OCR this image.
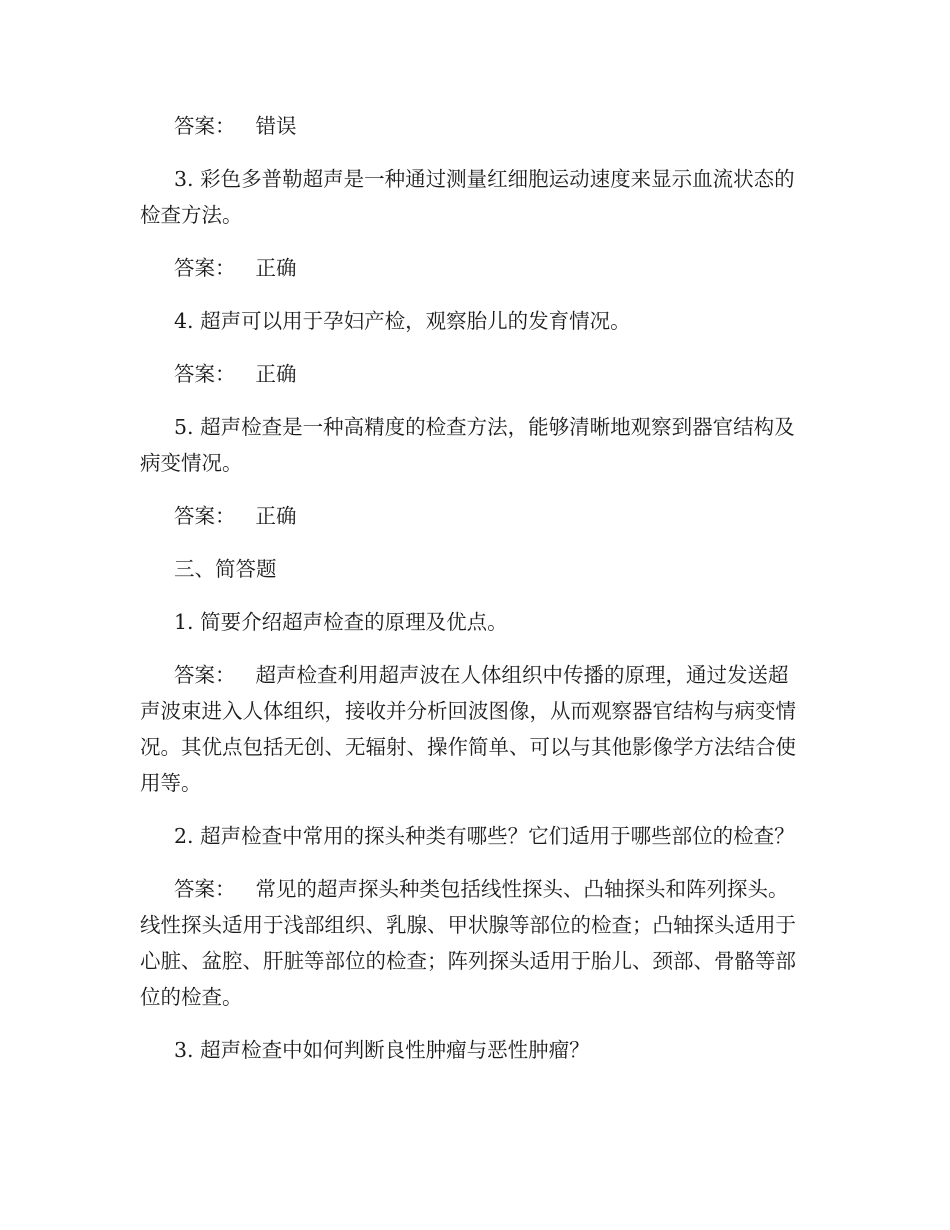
答案： 错误

3. 彩色多普勒超声是一种通过测量红细胞运动速度来显示血流状态的检查方法。

答案： 正确

4. 超声可以用于孕妇产检，观察胎儿的发育情况。

答案： 正确

5. 超声检查是一种高精度的检查方法，能够清晰地观察到器官结构及病变情况。

答案： 正确

三、简答题

1. 简要介绍超声检查的原理及优点。

答案： 超声检查利用超声波在人体组织中传播的原理，通过发送超声波束进入人体组织，接收并分析回波图像，从而观察器官结构与病变情况。其优点包括无创、无辐射、操作简单、可以与其他影像学方法结合使用等。

2. 超声检查中常用的探头种类有哪些？它们适用于哪些部位的检查？

答案： 常见的超声探头种类包括线性探头、凸轴探头和阵列探头。线性探头适用于浅部组织、乳腺、甲状腺等部位的检查；凸轴探头适用于心脏、盆腔、肝脏等部位的检查；阵列探头适用于胎儿、颈部、骨骼等部位的检查。

3. 超声检查中如何判断良性肿瘤与恶性肿瘤？
